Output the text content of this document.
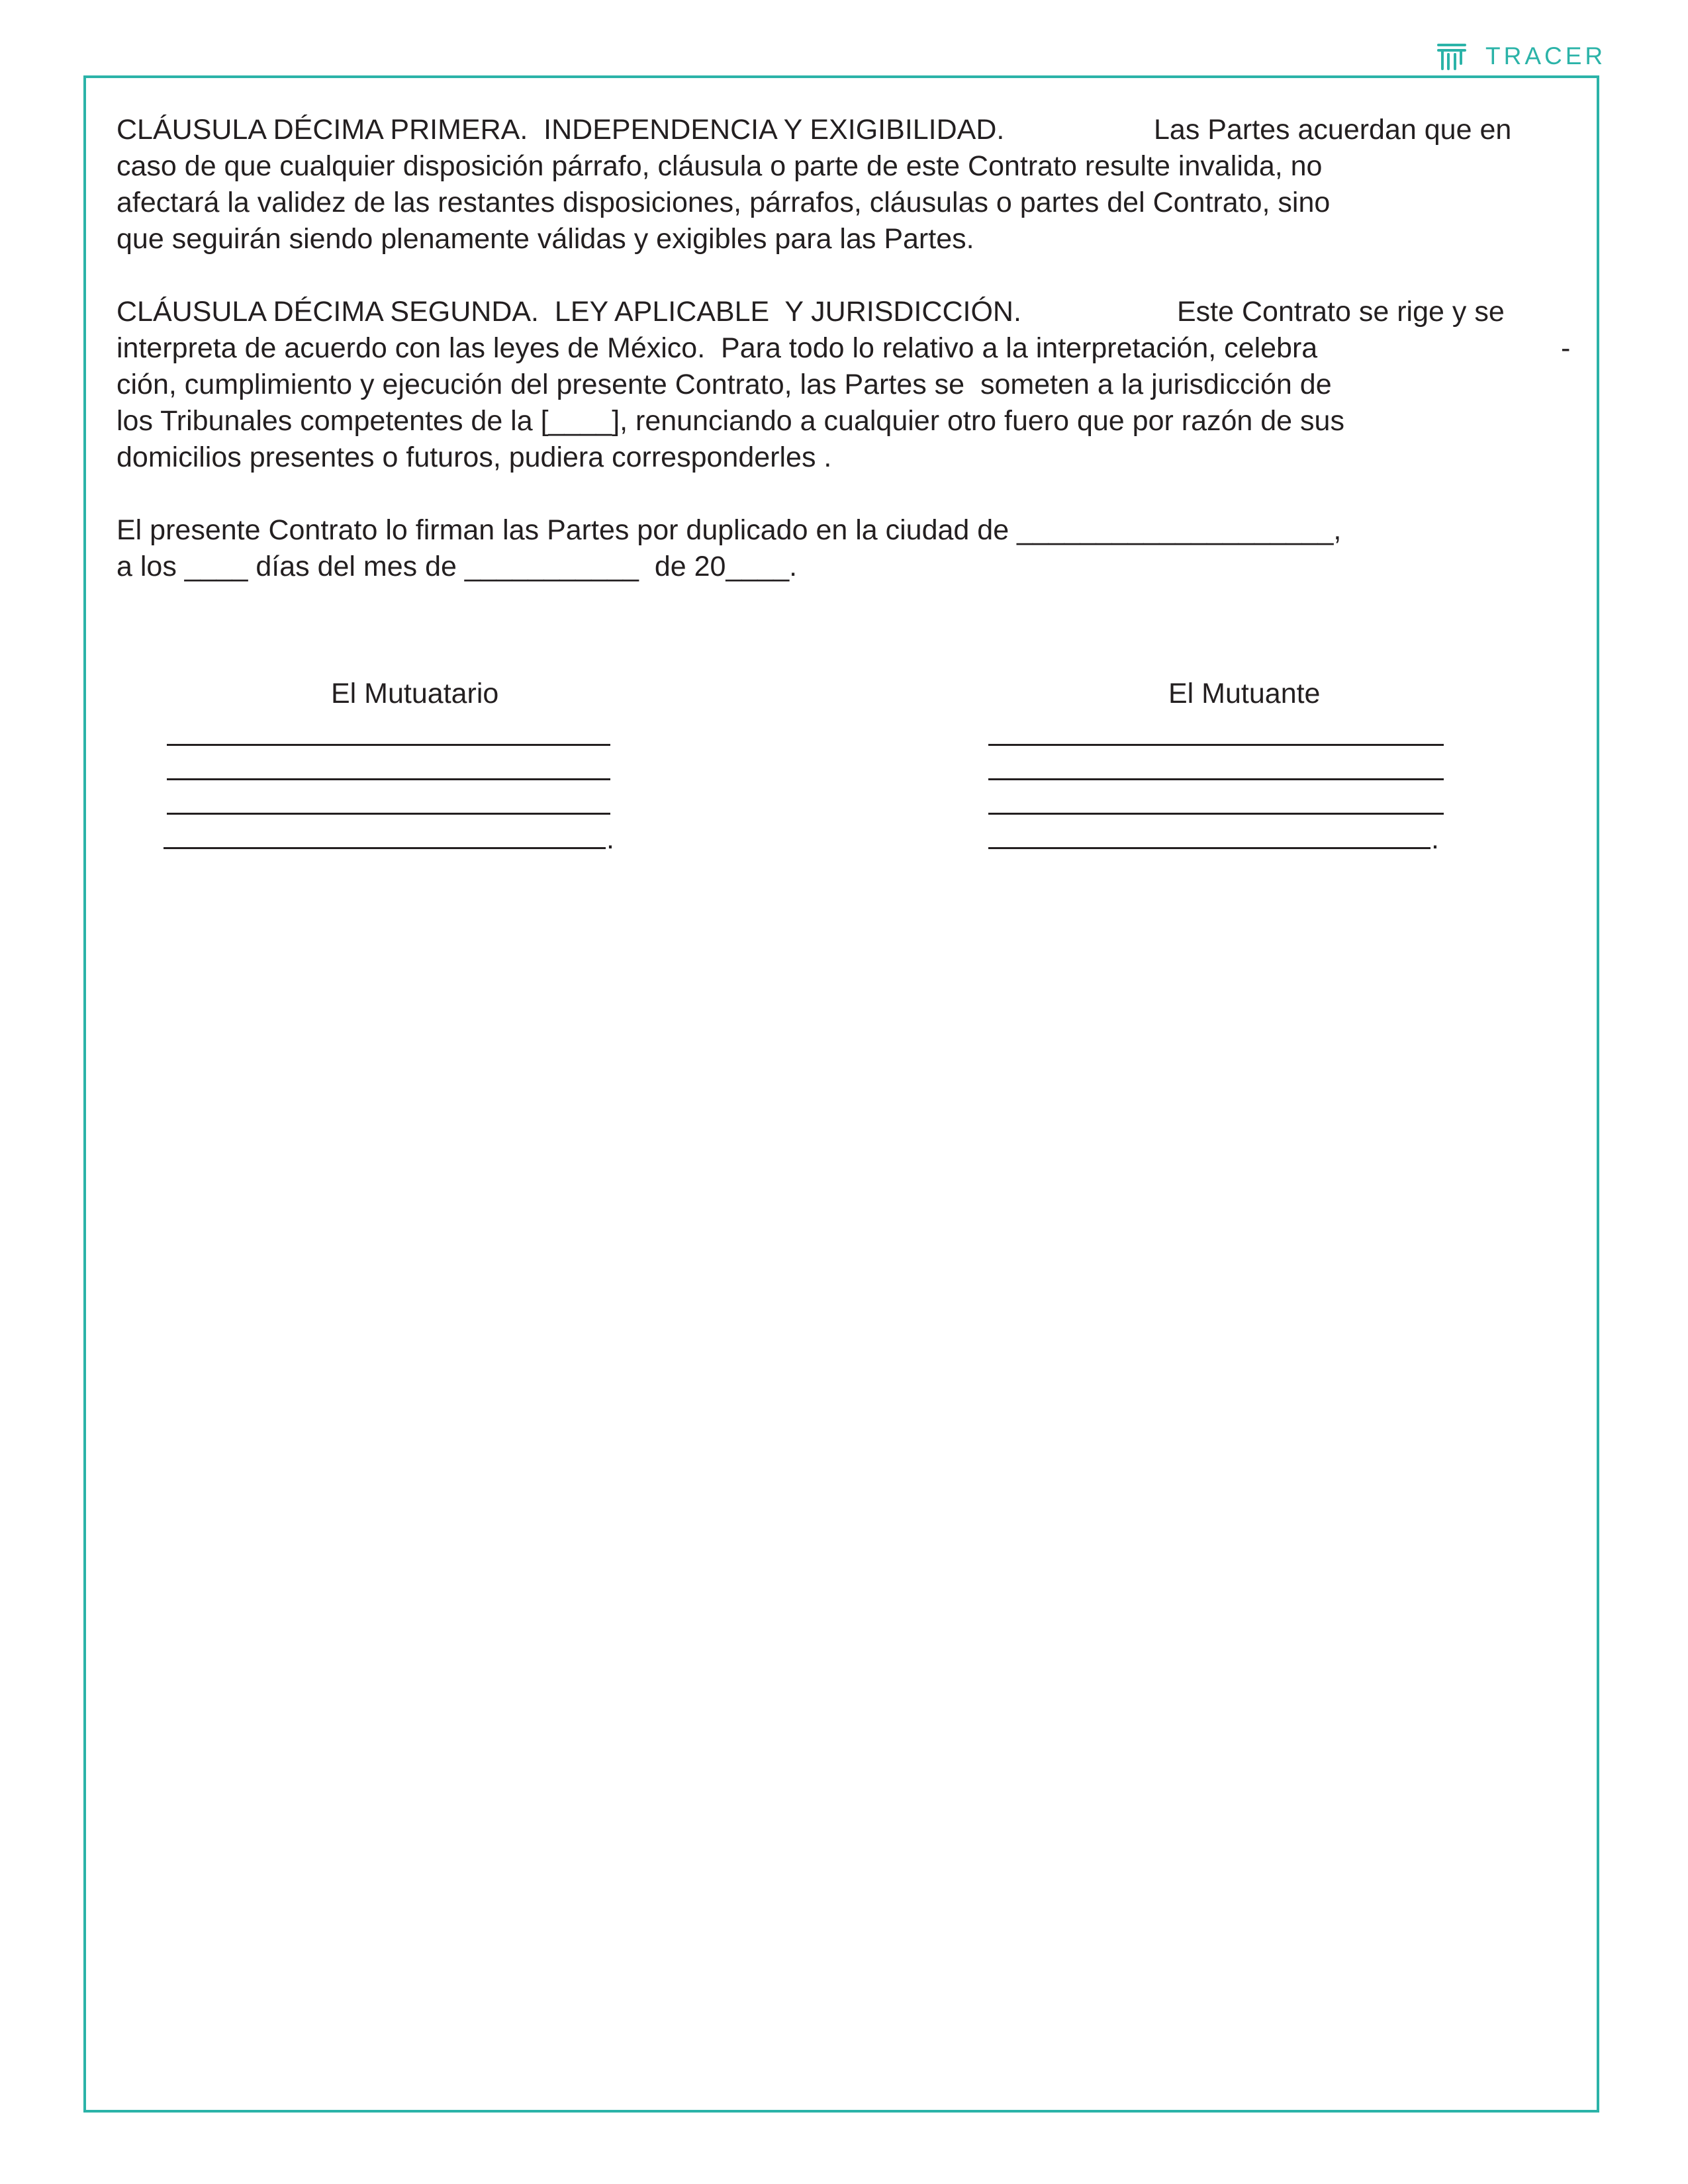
TRACER
CLÁUSULA DÉCIMA PRIMERA.  INDEPENDENCIA Y EXIGIBILIDAD.	Las Partes acuerdan que en
caso de que cualquier disposición párrafo, cláusula o parte de este Contrato resulte invalida, no
afectará la validez de las restantes disposiciones, párrafos, cláusulas o partes del Contrato, sino
que seguirán siendo plenamente válidas y exigibles para las Partes.
CLÁUSULA DÉCIMA SEGUNDA.  LEY APLICABLE  Y JURISDICCIÓN.	Este Contrato se rige y se
interpreta de acuerdo con las leyes de México.  Para todo lo relativo a la interpretación, celebra	-
ción, cumplimiento y ejecución del presente Contrato, las Partes se  someten a la jurisdicción de
los Tribunales competentes de la [____], renunciando a cualquier otro fuero que por razón de sus
domicilios presentes o futuros, pudiera corresponderles .
El presente Contrato lo firman las Partes por duplicado en la ciudad de ____________________,
a los ____ días del mes de ___________  de 20____.
El Mutuatario
.
El Mutuante
.
